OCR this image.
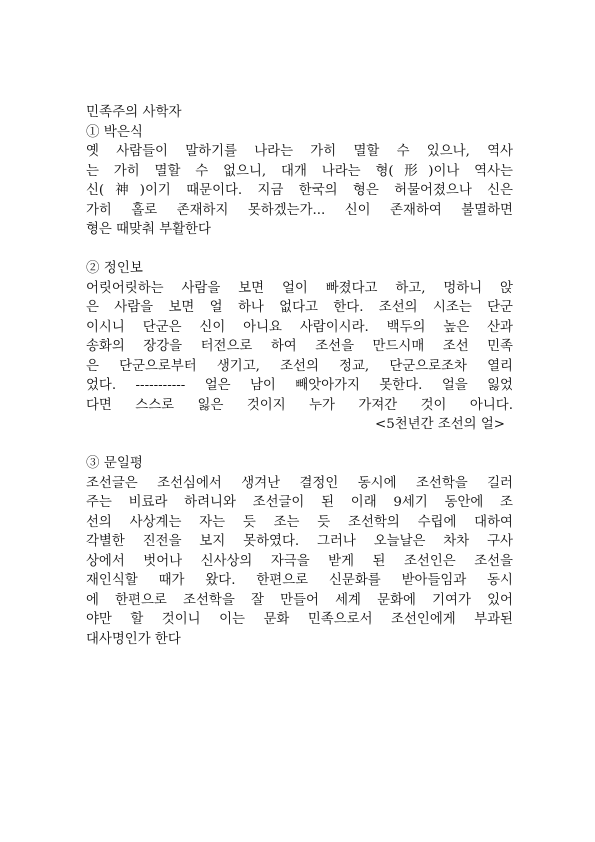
민족주의 사학자
① 박은식
옛 사람들이 말하기를 나라는 가히 멸할 수 있으나, 역사
는 가히 멸할 수 없으니, 대개 나라는 형(形)이나 역사는
신(神)이기 때문이다. 지금 한국의 형은 허물어졌으나 신은
가히 홀로 존재하지 못하겠는가... 신이 존재하여 불멸하면
형은 때맞춰 부활한다
② 정인보
어릿어릿하는 사람을 보면 얼이 빠졌다고 하고, 멍하니 앉
은 사람을 보면 얼 하나 없다고 한다. 조선의 시조는 단군
이시니 단군은 신이 아니요 사람이시라. 백두의 높은 산과
송화의 장강을 터전으로 하여 조선을 만드시매 조선 민족
은 단군으로부터 생기고, 조선의 정교, 단군으로조차 열리
었다. ----------- 얼은 남이 빼앗아가지 못한다. 얼을 잃었
다면 스스로 잃은 것이지 누가 가져간 것이 아니다.
<5천년간 조선의 얼>
③ 문일평
조선글은 조선심에서 생겨난 결정인 동시에 조선학을 길러
주는 비료라 하려니와 조선글이 된 이래 9세기 동안에 조
선의 사상계는 자는 듯 조는 듯 조선학의 수립에 대하여
각별한 진전을 보지 못하였다. 그러나 오늘날은 차차 구사
상에서 벗어나 신사상의 자극을 받게 된 조선인은 조선을
재인식할 때가 왔다. 한편으로 신문화를 받아들임과 동시
에 한편으로 조선학을 잘 만들어 세계 문화에 기여가 있어
야만 할 것이니 이는 문화 민족으로서 조선인에게 부과된
대사명인가 한다
